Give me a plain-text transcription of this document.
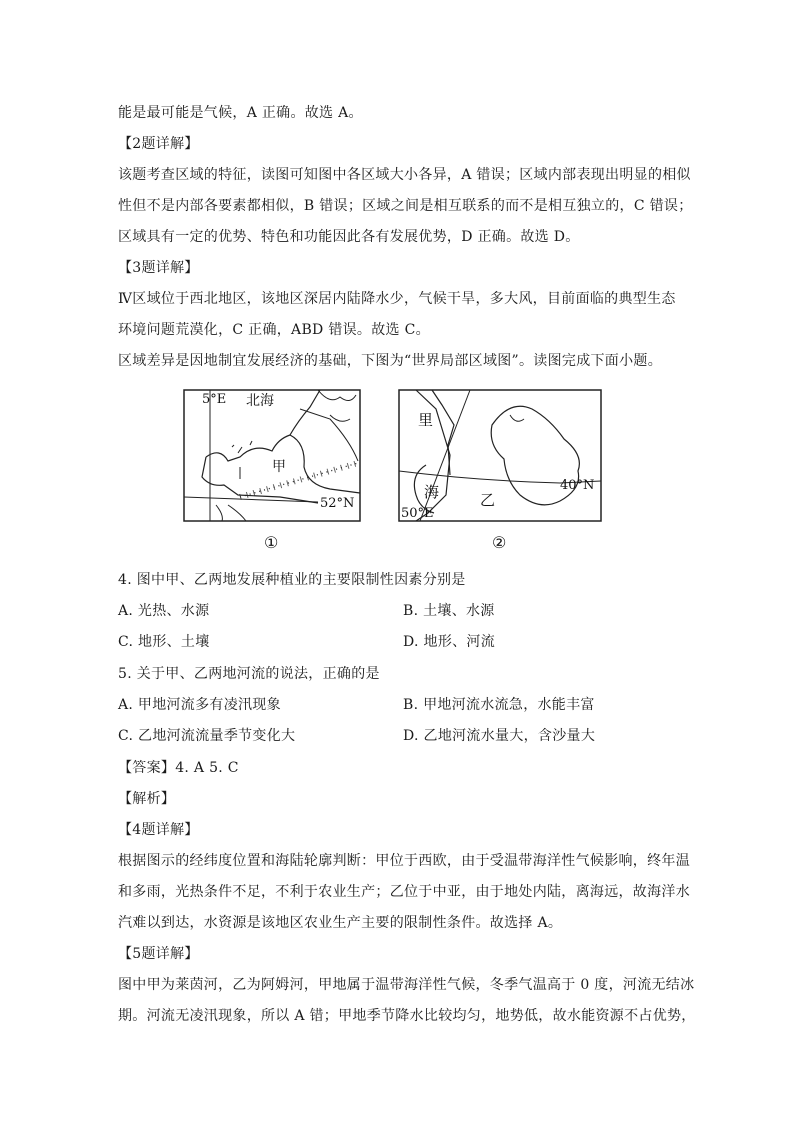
能是最可能是气候，A 正确。故选 A。
【2题详解】
该题考查区域的特征，读图可知图中各区域大小各异，A 错误；区域内部表现出明显的相似
性但不是内部各要素都相似，B 错误；区域之间是相互联系的而不是相互独立的，C 错误；
区域具有一定的优势、特色和功能因此各有发展优势，D 正确。故选 D。
【3题详解】
Ⅳ区域位于西北地区，该地区深居内陆降水少，气候干旱，多大风，目前面临的典型生态
环境问题荒漠化，C 正确，ABD 错误。故选 C。
区域差异是因地制宜发展经济的基础，下图为“世界局部区域图”。读图完成下面小题。
5°E 北海
甲
52°N
①
里
海	乙
40°N
50°E
②
4. 图中甲、乙两地发展种植业的主要限制性因素分别是
A. 光热、水源	B. 土壤、水源
C. 地形、土壤	D. 地形、河流
5. 关于甲、乙两地河流的说法，正确的是
A. 甲地河流多有凌汛现象	B. 甲地河流水流急，水能丰富
C. 乙地河流流量季节变化大	D. 乙地河流水量大，含沙量大
【答案】4. A 5. C
【解析】
【4题详解】
根据图示的经纬度位置和海陆轮廓判断：甲位于西欧，由于受温带海洋性气候影响，终年温
和多雨，光热条件不足，不利于农业生产；乙位于中亚，由于地处内陆，离海远，故海洋水
汽难以到达，水资源是该地区农业生产主要的限制性条件。故选择 A。
【5题详解】
图中甲为莱茵河，乙为阿姆河，甲地属于温带海洋性气候，冬季气温高于 0 度，河流无结冰
期。河流无凌汛现象，所以 A 错；甲地季节降水比较均匀，地势低，故水能资源不占优势，
